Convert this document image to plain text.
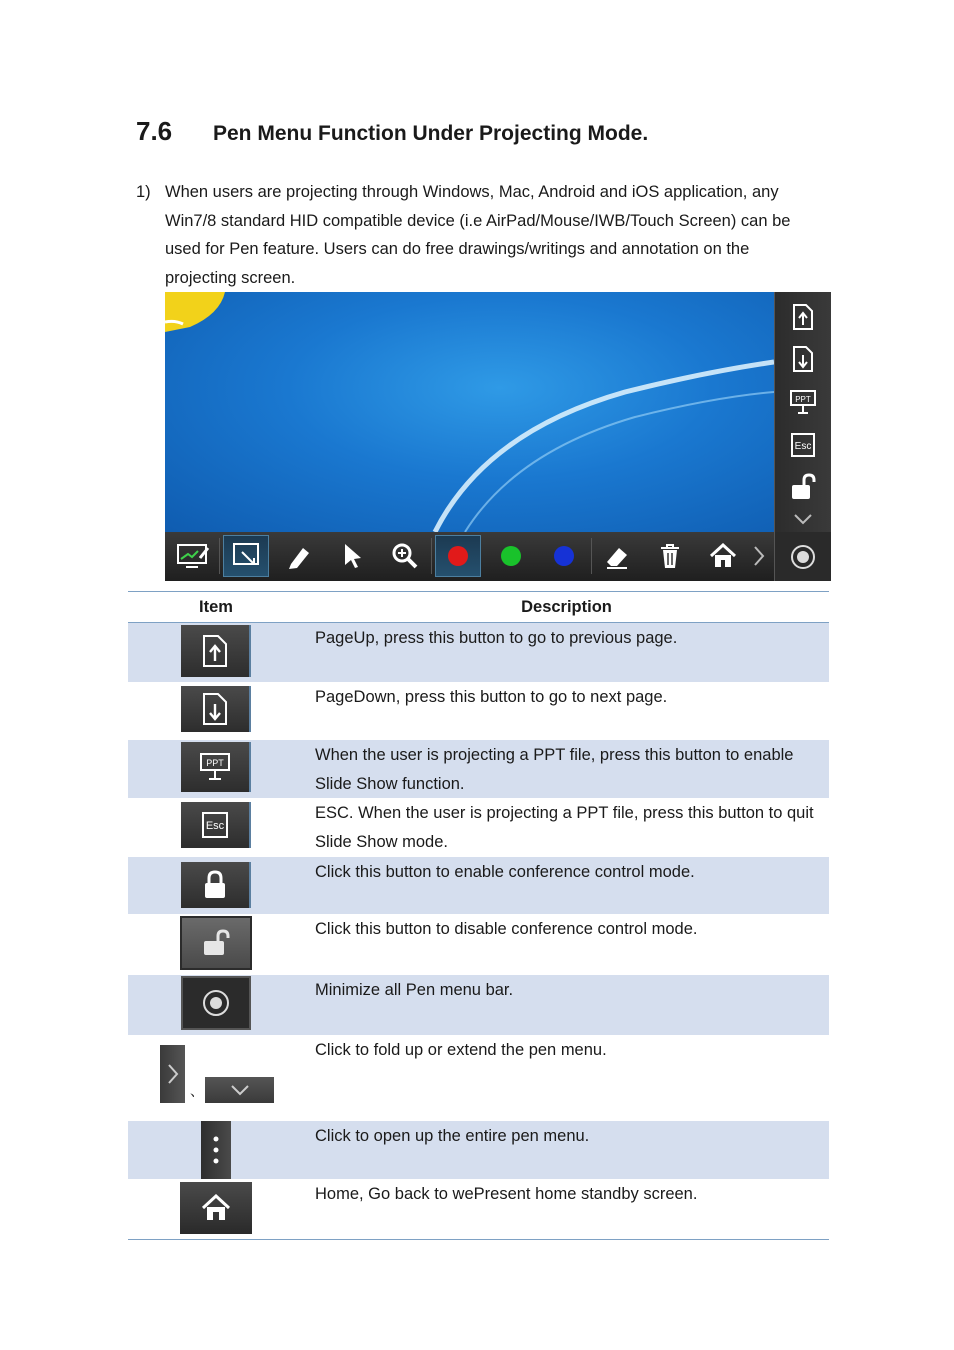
7.6	Pen Menu Function Under Projecting Mode.
1) When users are projecting through Windows, Mac, Android and iOS application, any Win7/8 standard HID compatible device (i.e AirPad/Mouse/IWB/Touch Screen) can be used for Pen feature. Users can do free drawings/writings and annotation on the projecting screen.
PPT
Esc
Item	Description

	PageUp, press this button to go to previous page.

	PageDown, press this button to go to next page.

PPT	When the user is projecting a PPT file, press this button to enable Slide Show function.

Esc	ESC. When the user is projecting a PPT file, press this button to quit Slide Show mode.

	Click this button to enable conference control mode.

	Click this button to disable conference control mode.

	Minimize all Pen menu bar.

、	Click to fold up or extend the pen menu.

	Click to open up the entire pen menu.

	Home, Go back to wePresent home standby screen.
